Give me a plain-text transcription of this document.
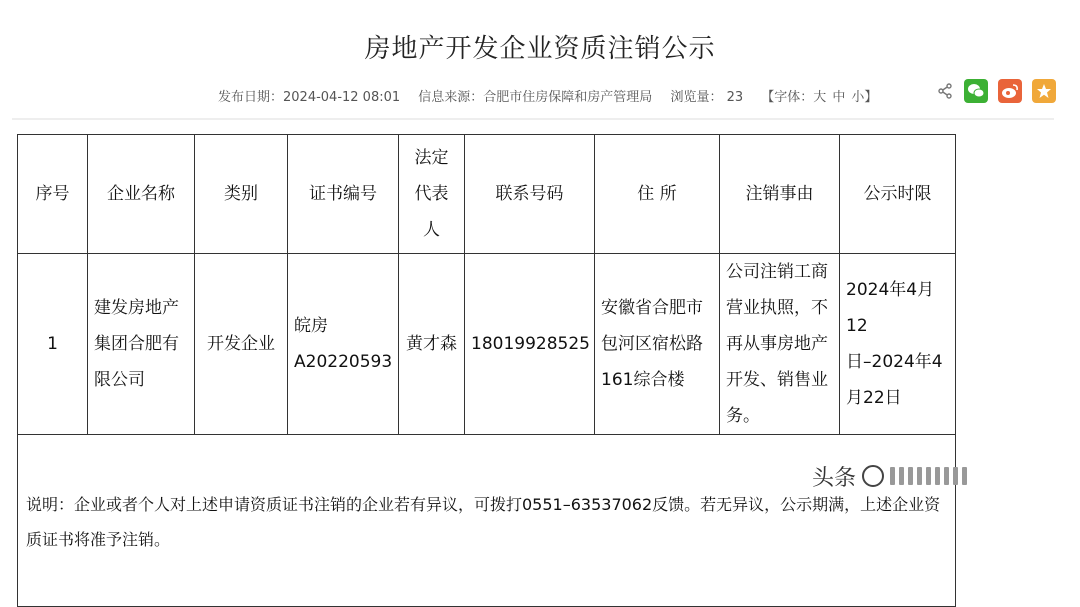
房地产开发企业资质注销公示
发布日期：2024-04-12 08:01 信息来源：合肥市住房保障和房产管理局 浏览量： 23 【字体：大 中 小】
序号	企业名称	类别	证书编号	法定
代表
人	联系号码	住 所	注销事由	公示时限
1	建发房地产
集团合肥有
限公司	开发企业	皖房
A20220593	黄才森	18019928525	安徽省合肥市
包河区宿松路
161综合楼	公司注销工商
营业执照，不
再从事房地产
开发、销售业
务。	2024年4月12
日–2024年4
月22日
说明：企业或者个人对上述申请资质证书注销的企业若有异议，可拨打0551–63537062反馈。若无异议，公示期满，上述企业资质证书将准予注销。								
头条
